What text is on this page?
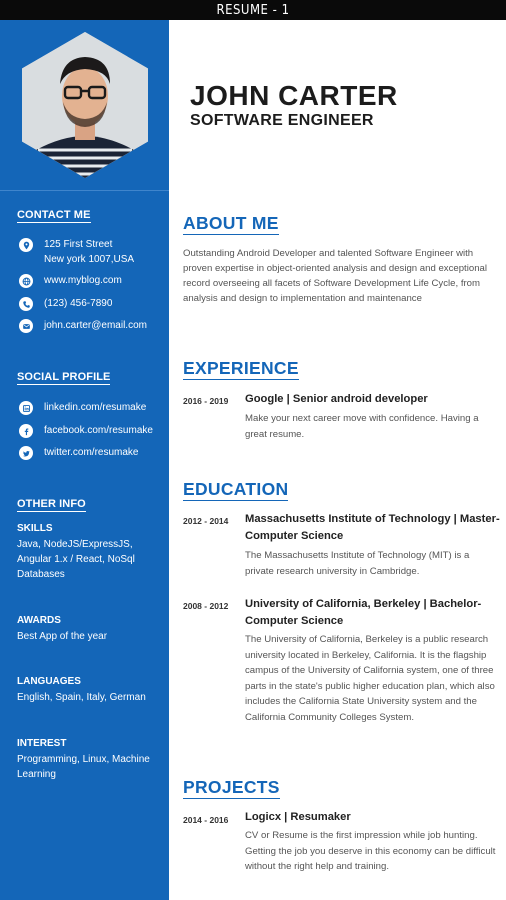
RESUME - 1
CONTACT ME
125 First Street
New york 1007,USA
www.myblog.com
(123) 456-7890
john.carter@email.com
SOCIAL PROFILE
linkedin.com/resumake
facebook.com/resumake
twitter.com/resumake
OTHER INFO
SKILLS
Java, NodeJS/ExpressJS, Angular 1.x / React, NoSql Databases
AWARDS
Best App of the year
LANGUAGES
English, Spain, Italy, German
INTEREST
Programming, Linux, Machine Learning
JOHN CARTER
SOFTWARE ENGINEER
ABOUT ME
Outstanding Android Developer and talented Software Engineer with proven expertise in object-oriented analysis and design and exceptional record overseeing all facets of Software Development Life Cycle, from analysis and design to implementation and maintenance
EXPERIENCE
2016 - 2019 Google | Senior android developer
Make your next career move with confidence. Having a great resume.
EDUCATION
2012 - 2014 Massachusetts Institute of Technology | Master-Computer Science
The Massachusetts Institute of Technology (MIT) is a private research university in Cambridge.
2008 - 2012 University of California, Berkeley | Bachelor-Computer Science
The University of California, Berkeley is a public research university located in Berkeley, California. It is the flagship campus of the University of California system, one of three parts in the state's public higher education plan, which also includes the California State University system and the California Community Colleges System.
PROJECTS
2014 - 2016 Logicx | Resumaker
CV or Resume is the first impression while job hunting. Getting the job you deserve in this economy can be difficult without the right help and training.
